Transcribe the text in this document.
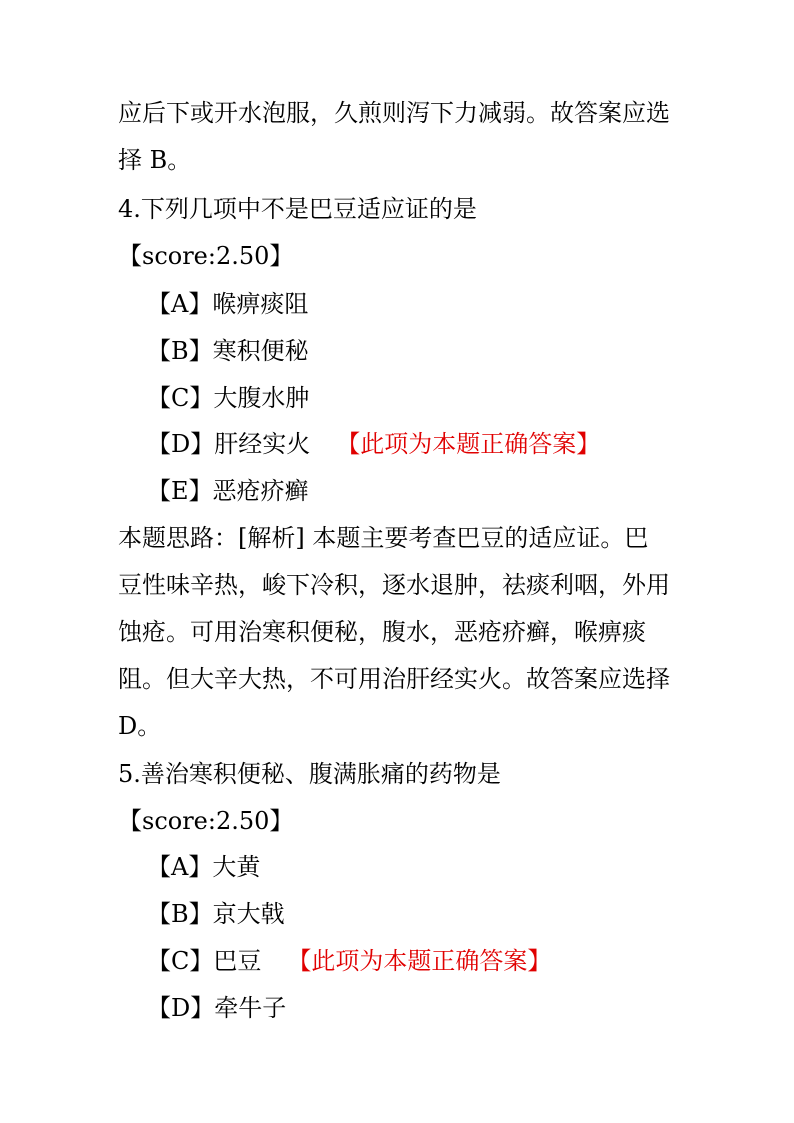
应后下或开水泡服，久煎则泻下力减弱。故答案应选
择 B。
4.下列几项中不是巴豆适应证的是
【score:2.50】
【A】喉痹痰阻
【B】寒积便秘
【C】大腹水肿
【D】肝经实火 【此项为本题正确答案】
【E】恶疮疥癣
本题思路：[解析] 本题主要考查巴豆的适应证。巴
豆性味辛热，峻下冷积，逐水退肿，祛痰利咽，外用
蚀疮。可用治寒积便秘，腹水，恶疮疥癣，喉痹痰
阻。但大辛大热，不可用治肝经实火。故答案应选择
D。
5.善治寒积便秘、腹满胀痛的药物是
【score:2.50】
【A】大黄
【B】京大戟
【C】巴豆 【此项为本题正确答案】
【D】牵牛子
